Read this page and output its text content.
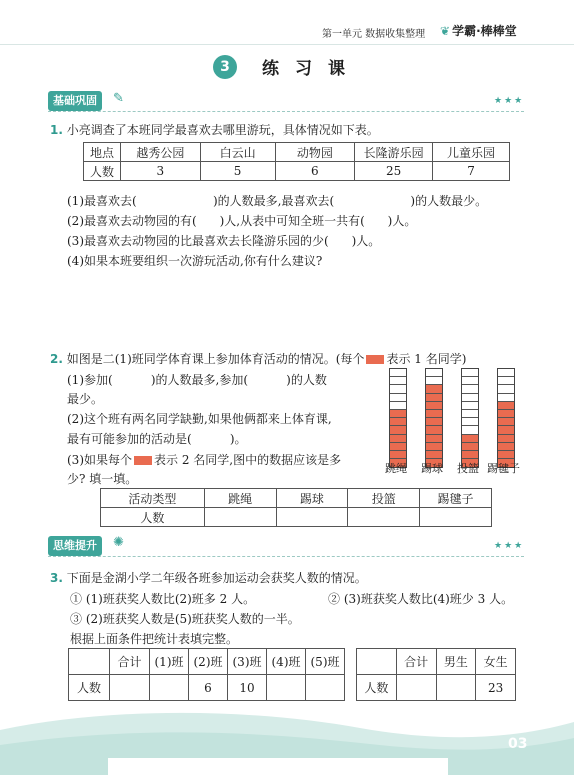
第一单元 数据收集整理 ❦ 学霸·棒棒堂
3	练习课
基础巩固	✎	★★★
1. 小亮调查了本班同学最喜欢去哪里游玩，具体情况如下表。
地点	越秀公园	白云山	动物园	长隆游乐园	儿童乐园
人数	3	5	6	25	7
(1)最喜欢去(                    )的人数最多,最喜欢去(                    )的人数最少。
(2)最喜欢去动物园的有(      )人,从表中可知全班一共有(      )人。
(3)最喜欢去动物园的比最喜欢去长隆游乐园的少(      )人。
(4)如果本班要组织一次游玩活动,你有什么建议?
2. 如图是二(1)班同学体育课上参加体育活动的情况。(每个 表示 1 名同学)
(1)参加(          )的人数最多,参加(          )的人数
最少。
(2)这个班有两名同学缺勤,如果他俩都来上体育课,
最有可能参加的活动是(          )。
(3)如果每个 表示 2 名同学,图中的数据应该是多
少? 填一填。
跳绳 踢球 投篮 踢毽子
活动类型	跳绳	踢球	投篮	踢毽子
人数				
思维提升	✺	★★★
3. 下面是金湖小学二年级各班参加运动会获奖人数的情况。
① (1)班获奖人数比(2)班多 2 人。	② (3)班获奖人数比(4)班少 3 人。
③ (2)班获奖人数是(5)班获奖人数的一半。
根据上面条件把统计表填完整。
	合计	(1)班	(2)班	(3)班	(4)班	(5)班
人数			6	10		
	合计	男生	女生
人数			23
03
